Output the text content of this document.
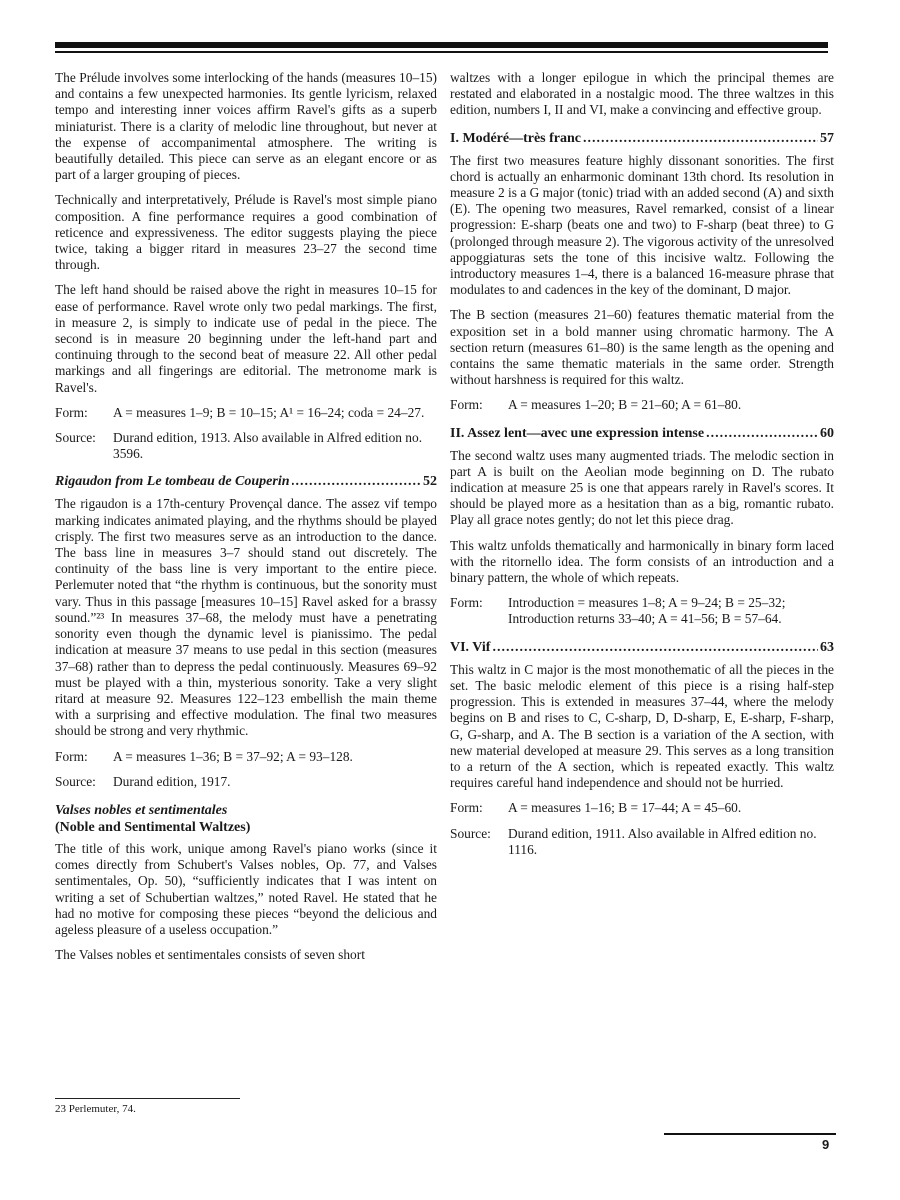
The Prélude involves some interlocking of the hands (measures 10–15) and contains a few unexpected harmonies. Its gentle lyricism, relaxed tempo and interesting inner voices affirm Ravel's gifts as a superb miniaturist. There is a clarity of melodic line throughout, but never at the expense of accompanimental atmosphere. The writing is beautifully detailed. This piece can serve as an elegant encore or as part of a larger grouping of pieces.

Technically and interpretatively, Prélude is Ravel's most simple piano composition. A fine performance requires a good combination of reticence and expressiveness. The editor suggests playing the piece twice, taking a bigger ritard in measures 23–27 the second time through.

The left hand should be raised above the right in measures 10–15 for ease of performance. Ravel wrote only two pedal markings. The first, in measure 2, is simply to indicate use of pedal in the piece. The second is in measure 20 beginning under the left-hand part and continuing through to the second beat of measure 22. All other pedal markings and all fingerings are editorial. The metronome mark is Ravel's.

Form:	A = measures 1–9; B = 10–15; A¹ = 16–24; coda = 24–27.
Source:	Durand edition, 1913. Also available in Alfred edition no. 3596.
Rigaudon from Le tombeau de Couperin .....	52

The rigaudon is a 17th-century Provençal dance. The assez vif tempo marking indicates animated playing, and the rhythms should be played crisply. The first two measures serve as an introduction to the dance. The bass line in measures 3–7 should stand out discretely. The continuity of the bass line is very important to the entire piece. Perlemuter noted that “the rhythm is continuous, but the sonority must vary. Thus in this passage [measures 10–15] Ravel asked for a brassy sound.”²³ In measures 37–68, the melody must have a penetrating sonority even though the dynamic level is pianissimo. The pedal indication at measure 37 means to use pedal in this section (measures 37–68) rather than to depress the pedal continuously. Measures 69–92 must be played with a thin, mysterious sonority. Take a very slight ritard at measure 92. Measures 122–123 embellish the main theme with a surprising and effective modulation. The final two measures should be strong and very rhythmic.

Form:	A = measures 1–36; B = 37–92; A = 93–128.
Source:	Durand edition, 1917.
Valses nobles et sentimentales
(Noble and Sentimental Waltzes)

The title of this work, unique among Ravel's piano works (since it comes directly from Schubert's Valses nobles, Op. 77, and Valses sentimentales, Op. 50), “sufficiently indicates that I was intent on writing a set of Schubertian waltzes,” noted Ravel. He stated that he had no motive for composing these pieces “beyond the delicious and ageless pleasure of a useless occupation.”

The Valses nobles et sentimentales consists of seven short

waltzes with a longer epilogue in which the principal themes are restated and elaborated in a nostalgic mood. The three waltzes in this edition, numbers I, II and VI, make a convincing and effective group.

I. Modéré—très franc .....	57

The first two measures feature highly dissonant sonorities. The first chord is actually an enharmonic dominant 13th chord. Its resolution in measure 2 is a G major (tonic) triad with an added second (A) and sixth (E). The opening two measures, Ravel remarked, consist of a linear progression: E-sharp (beats one and two) to F-sharp (beat three) to G (prolonged through measure 2). The vigorous activity of the unresolved appoggiaturas sets the tone of this incisive waltz. Following the introductory measures 1–4, there is a balanced 16-measure phrase that modulates to and cadences in the key of the dominant, D major.

The B section (measures 21–60) features thematic material from the exposition set in a bold manner using chromatic harmony. The A section return (measures 61–80) is the same length as the opening and contains the same thematic materials in the same order. Strength without harshness is required for this waltz.

Form:	A = measures 1–20; B = 21–60; A = 61–80.
II. Assez lent—avec une expression intense .....	60

The second waltz uses many augmented triads. The melodic section in part A is built on the Aeolian mode beginning on D. The rubato indication at measure 25 is one that appears rarely in Ravel's scores. It should be played more as a hesitation than as a big, romantic rubato. Play all grace notes gently; do not let this piece drag.

This waltz unfolds thematically and harmonically in binary form laced with the ritornello idea. The form consists of an introduction and a binary pattern, the whole of which repeats.

Form:	Introduction = measures 1–8; A = 9–24; B = 25–32;
Introduction returns 33–40; A = 41–56; B = 57–64.
VI. Vif .....	63

This waltz in C major is the most monothematic of all the pieces in the set. The basic melodic element of this piece is a rising half-step progression. This is extended in measures 37–44, where the melody begins on B and rises to C, C-sharp, D, D-sharp, E, E-sharp, F-sharp, G, G-sharp, and A. The B section is a variation of the A section, with new material developed at measure 29. This serves as a long transition to a return of the A section, which is repeated exactly. This waltz requires careful hand independence and should not be hurried.

Form:	A = measures 1–16; B = 17–44; A = 45–60.
Source:	Durand edition, 1911. Also available in Alfred edition no. 1116.
23 Perlemuter, 74.
9
